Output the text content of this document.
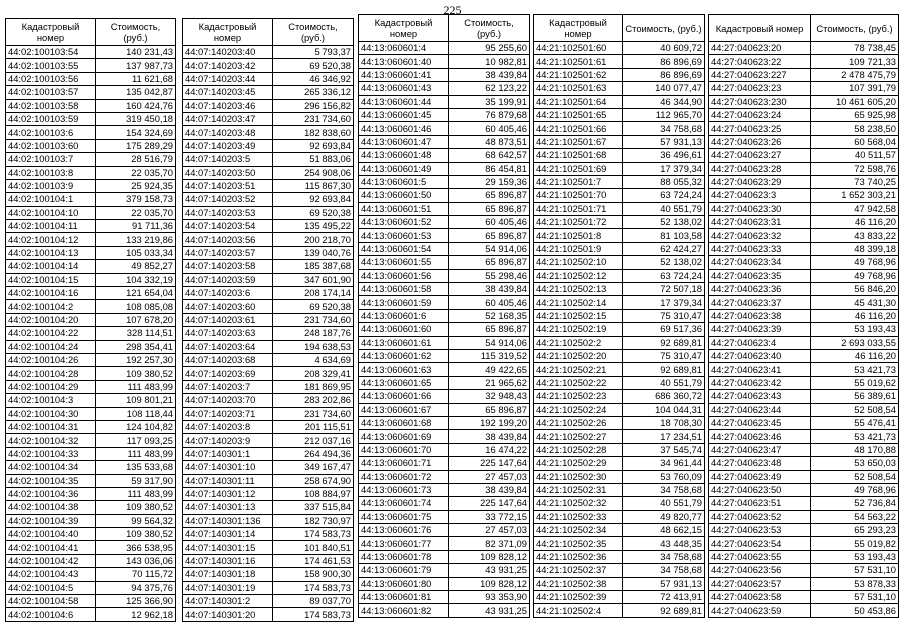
225
Кадастровый номер	Стоимость, (руб.)
44:02:100103:54	140 231,43
44:02:100103:55	137 987,73
44:02:100103:56	11 621,68
44:02:100103:57	135 042,87
44:02:100103:58	160 424,76
44:02:100103:59	319 450,18
44:02:100103:6	154 324,69
44:02:100103:60	175 289,29
44:02:100103:7	28 516,79
44:02:100103:8	22 035,70
44:02:100103:9	25 924,35
44:02:100104:1	379 158,73
44:02:100104:10	22 035,70
44:02:100104:11	91 711,36
44:02:100104:12	133 219,86
44:02:100104:13	105 033,34
44:02:100104:14	49 852,27
44:02:100104:15	104 332,19
44:02:100104:16	121 654,04
44:02:100104:2	108 085,08
44:02:100104:20	107 678,20
44:02:100104:22	328 114,51
44:02:100104:24	298 354,41
44:02:100104:26	192 257,30
44:02:100104:28	109 380,52
44:02:100104:29	111 483,99
44:02:100104:3	109 801,21
44:02:100104:30	108 118,44
44:02:100104:31	124 104,82
44:02:100104:32	117 093,25
44:02:100104:33	111 483,99
44:02:100104:34	135 533,68
44:02:100104:35	59 317,90
44:02:100104:36	111 483,99
44:02:100104:38	109 380,52
44:02:100104:39	99 564,32
44:02:100104:40	109 380,52
44:02:100104:41	366 538,95
44:02:100104:42	143 036,06
44:02:100104:43	70 115,72
44:02:100104:5	94 375,76
44:02:100104:58	125 366,90
44:02:100104:6	12 962,18
Кадастровый номер	Стоимость, (руб.)
44:07:140203:40	5 793,37
44:07:140203:42	69 520,38
44:07:140203:44	46 346,92
44:07:140203:45	265 336,12
44:07:140203:46	296 156,82
44:07:140203:47	231 734,60
44:07:140203:48	182 838,60
44:07:140203:49	92 693,84
44:07:140203:5	51 883,06
44:07:140203:50	254 908,06
44:07:140203:51	115 867,30
44:07:140203:52	92 693,84
44:07:140203:53	69 520,38
44:07:140203:54	135 495,22
44:07:140203:56	200 218,70
44:07:140203:57	139 040,76
44:07:140203:58	185 387,68
44:07:140203:59	347 601,90
44:07:140203:6	208 174,14
44:07:140203:60	69 520,38
44:07:140203:61	231 734,60
44:07:140203:63	248 187,76
44:07:140203:64	194 638,53
44:07:140203:68	4 634,69
44:07:140203:69	208 329,41
44:07:140203:7	181 869,95
44:07:140203:70	283 202,86
44:07:140203:71	231 734,60
44:07:140203:8	201 115,51
44:07:140203:9	212 037,16
44:07:140301:1	264 494,36
44:07:140301:10	349 167,47
44:07:140301:11	258 674,90
44:07:140301:12	108 884,97
44:07:140301:13	337 515,84
44:07:140301:136	182 730,97
44:07:140301:14	174 583,73
44:07:140301:15	101 840,51
44:07:140301:16	174 461,53
44:07:140301:18	158 900,30
44:07:140301:19	174 583,73
44:07:140301:2	89 037,70
44:07:140301:20	174 583,73
Кадастровый номер	Стоимость, (руб.)
44:13:060601:4	95 255,60
44:13:060601:40	10 982,81
44:13:060601:41	38 439,84
44:13:060601:43	62 123,22
44:13:060601:44	35 199,91
44:13:060601:45	76 879,68
44:13:060601:46	60 405,46
44:13:060601:47	48 873,51
44:13:060601:48	68 642,57
44:13:060601:49	86 454,81
44:13:060601:5	29 159,36
44:13:060601:50	65 896,87
44:13:060601:51	65 896,87
44:13:060601:52	60 405,46
44:13:060601:53	65 896,87
44:13:060601:54	54 914,06
44:13:060601:55	65 896,87
44:13:060601:56	55 298,46
44:13:060601:58	38 439,84
44:13:060601:59	60 405,46
44:13:060601:6	52 168,35
44:13:060601:60	65 896,87
44:13:060601:61	54 914,06
44:13:060601:62	115 319,52
44:13:060601:63	49 422,65
44:13:060601:65	21 965,62
44:13:060601:66	32 948,43
44:13:060601:67	65 896,87
44:13:060601:68	192 199,20
44:13:060601:69	38 439,84
44:13:060601:70	16 474,22
44:13:060601:71	225 147,64
44:13:060601:72	27 457,03
44:13:060601:73	38 439,84
44:13:060601:74	225 147,64
44:13:060601:75	33 772,15
44:13:060601:76	27 457,03
44:13:060601:77	82 371,09
44:13:060601:78	109 828,12
44:13:060601:79	43 931,25
44:13:060601:80	109 828,12
44:13:060601:81	93 353,90
44:13:060601:82	43 931,25
Кадастровый номер	Стоимость, (руб.)
44:21:102501:60	40 609,72
44:21:102501:61	86 896,69
44:21:102501:62	86 896,69
44:21:102501:63	140 077,47
44:21:102501:64	46 344,90
44:21:102501:65	112 965,70
44:21:102501:66	34 758,68
44:21:102501:67	57 931,13
44:21:102501:68	36 496,61
44:21:102501:69	17 379,34
44:21:102501:7	88 055,32
44:21:102501:70	63 724,24
44:21:102501:71	40 551,79
44:21:102501:72	52 138,02
44:21:102501:8	81 103,58
44:21:102501:9	62 424,27
44:21:102502:10	52 138,02
44:21:102502:12	63 724,24
44:21:102502:13	72 507,18
44:21:102502:14	17 379,34
44:21:102502:15	75 310,47
44:21:102502:19	69 517,36
44:21:102502:2	92 689,81
44:21:102502:20	75 310,47
44:21:102502:21	92 689,81
44:21:102502:22	40 551,79
44:21:102502:23	686 360,72
44:21:102502:24	104 044,31
44:21:102502:26	18 708,30
44:21:102502:27	17 234,51
44:21:102502:28	37 545,74
44:21:102502:29	34 961,44
44:21:102502:30	53 760,09
44:21:102502:31	34 758,68
44:21:102502:32	40 551,79
44:21:102502:33	49 820,77
44:21:102502:34	48 662,15
44:21:102502:35	43 448,35
44:21:102502:36	34 758,68
44:21:102502:37	34 758,68
44:21:102502:38	57 931,13
44:21:102502:39	72 413,91
44:21:102502:4	92 689,81
Кадастровый номер	Стоимость, (руб.)
44:27:040623:20	78 738,45
44:27:040623:22	109 721,33
44:27:040623:227	2 478 475,79
44:27:040623:23	107 391,79
44:27:040623:230	10 461 605,20
44:27:040623:24	65 925,98
44:27:040623:25	58 238,50
44:27:040623:26	60 568,04
44:27:040623:27	40 511,57
44:27:040623:28	72 598,76
44:27:040623:29	73 740,25
44:27:040623:3	1 652 303,21
44:27:040623:30	47 942,58
44:27:040623:31	46 116,20
44:27:040623:32	43 833,22
44:27:040623:33	48 399,18
44:27:040623:34	49 768,96
44:27:040623:35	49 768,96
44:27:040623:36	56 846,20
44:27:040623:37	45 431,30
44:27:040623:38	46 116,20
44:27:040623:39	53 193,43
44:27:040623:4	2 693 033,55
44:27:040623:40	46 116,20
44:27:040623:41	53 421,73
44:27:040623:42	55 019,62
44:27:040623:43	56 389,61
44:27:040623:44	52 508,54
44:27:040623:45	55 476,41
44:27:040623:46	53 421,73
44:27:040623:47	48 170,88
44:27:040623:48	53 650,03
44:27:040623:49	52 508,54
44:27:040623:50	49 768,96
44:27:040623:51	52 736,84
44:27:040623:52	54 563,22
44:27:040623:53	65 293,23
44:27:040623:54	55 019,82
44:27:040623:55	53 193,43
44:27:040623:56	57 531,10
44:27:040623:57	53 878,33
44:27:040623:58	57 531,10
44:27:040623:59	50 453,86
